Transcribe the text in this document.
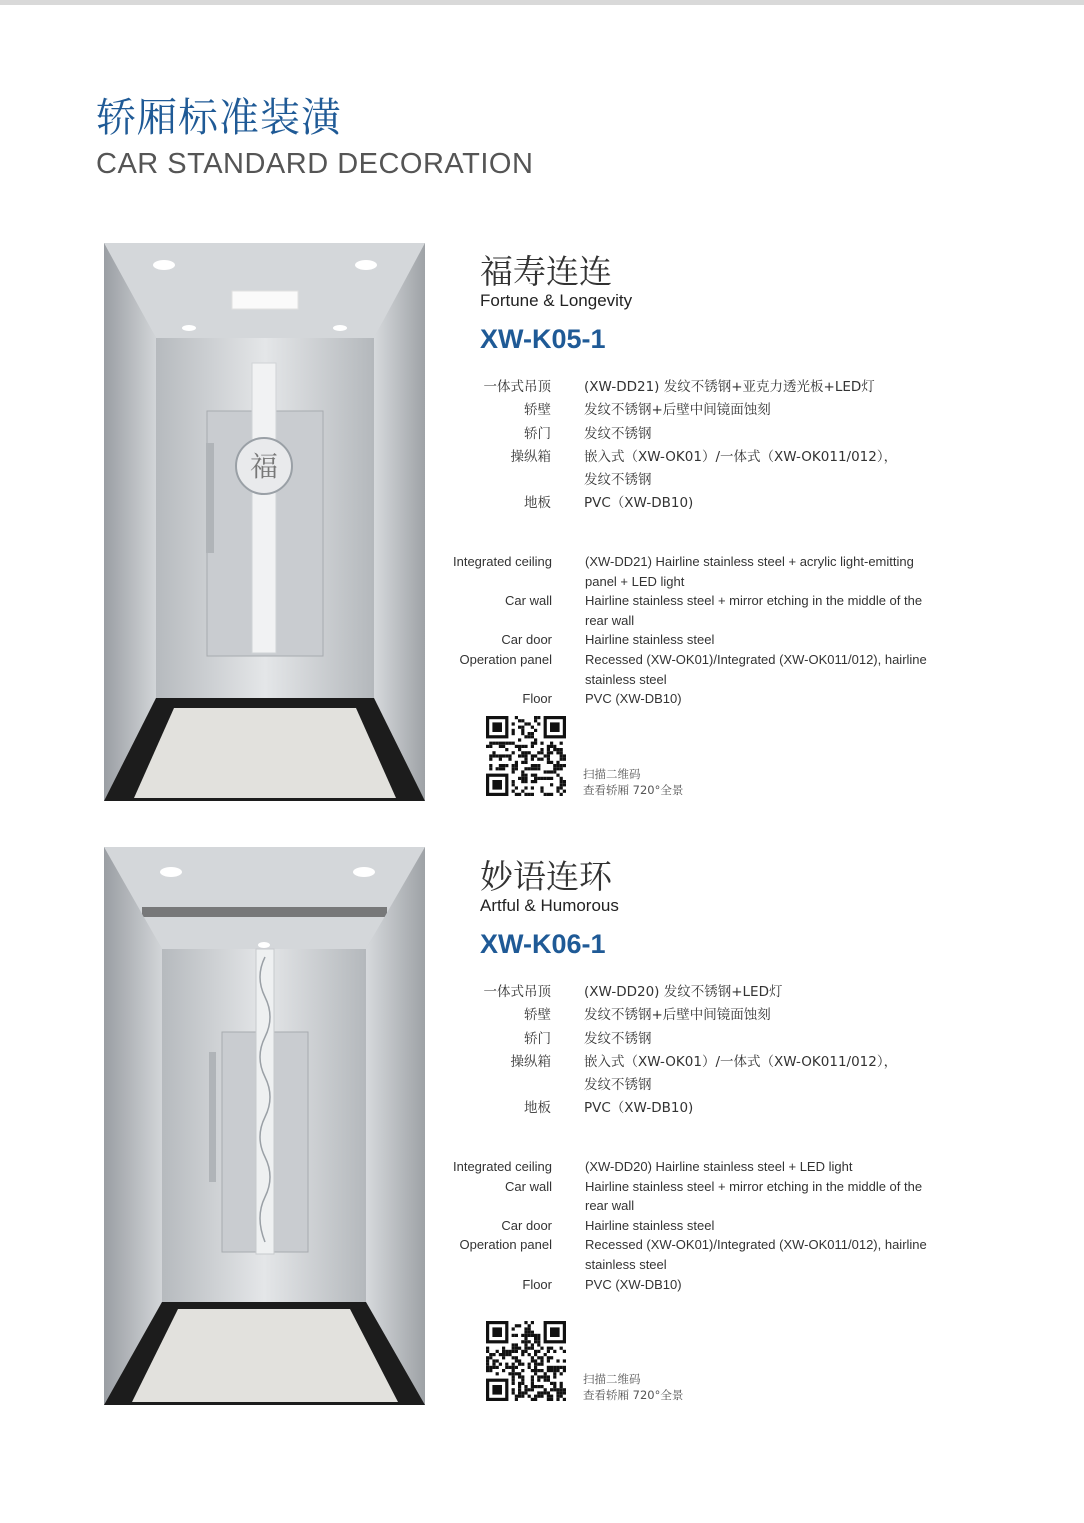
轿厢标准装潢
CAR STANDARD DECORATION
福
福寿连连
Fortune & Longevity
XW-K05-1
一体式吊顶 (XW-DD21) 发纹不锈钢+亚克力透光板+LED灯
轿壁 发纹不锈钢+后壁中间镜面蚀刻
轿门 发纹不锈钢
操纵箱 嵌入式（XW-OK01）/一体式（XW-OK011/012），
发纹不锈钢
地板 PVC（XW-DB10)
Integrated ceiling	(XW-DD21) Hairline stainless steel + acrylic light-emitting panel + LED light
Car wall	Hairline stainless steel + mirror etching in the middle of the rear wall
Car door	Hairline stainless steel
Operation panel	Recessed (XW-OK01)/Integrated (XW-OK011/012), hairline stainless steel
Floor	PVC (XW-DB10)
扫描二维码
查看轿厢 720°全景
妙语连环
Artful & Humorous
XW-K06-1
一体式吊顶 (XW-DD20) 发纹不锈钢+LED灯
轿壁 发纹不锈钢+后壁中间镜面蚀刻
轿门 发纹不锈钢
操纵箱 嵌入式（XW-OK01）/一体式（XW-OK011/012），
发纹不锈钢
地板 PVC（XW-DB10)
Integrated ceiling	(XW-DD20) Hairline stainless steel + LED light
Car wall	Hairline stainless steel + mirror etching in the middle of the rear wall
Car door	Hairline stainless steel
Operation panel	Recessed (XW-OK01)/Integrated (XW-OK011/012), hairline stainless steel
Floor	PVC (XW-DB10)
扫描二维码
查看轿厢 720°全景
